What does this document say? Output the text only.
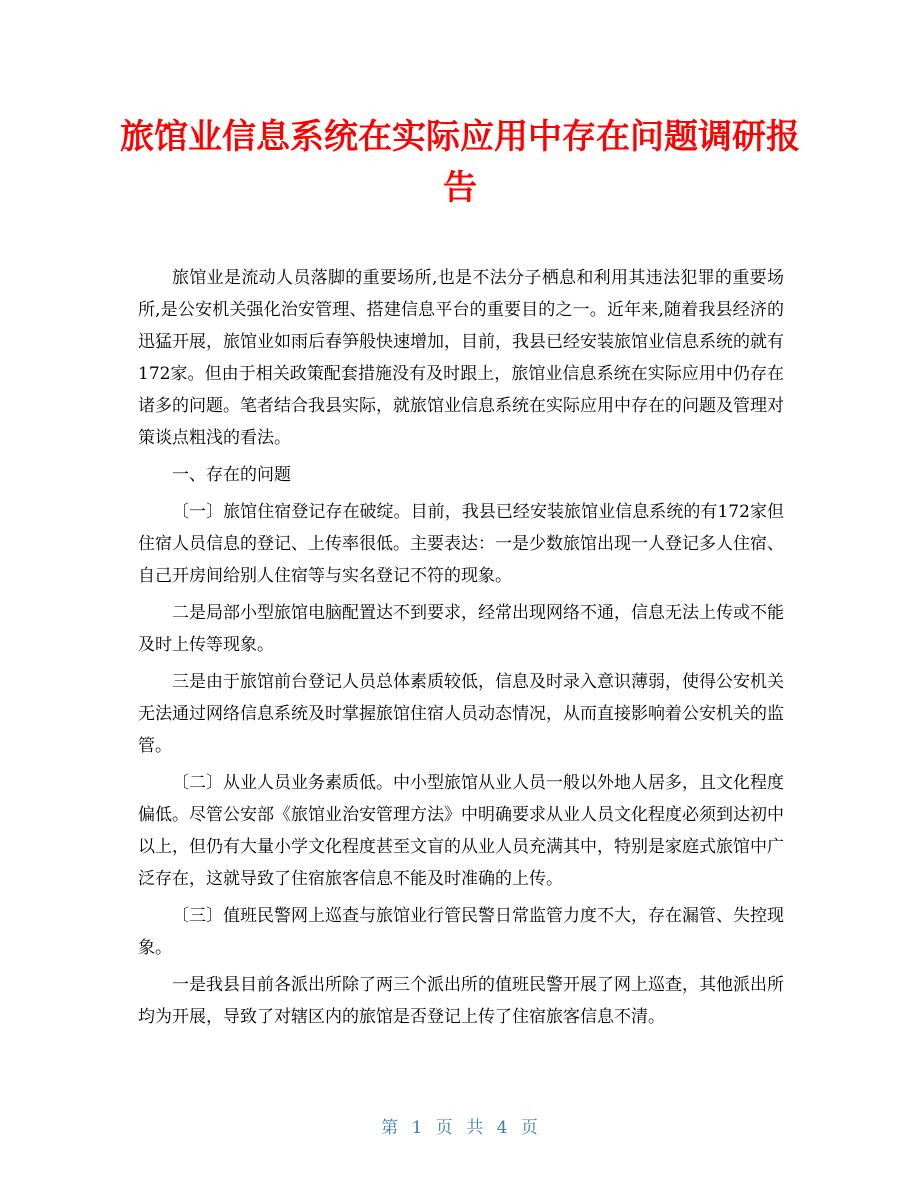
旅馆业信息系统在实际应用中存在问题调研报告

旅馆业是流动人员落脚的重要场所,也是不法分子栖息和利用其违法犯罪的重要场所,是公安机关强化治安管理、搭建信息平台的重要目的之一。近年来,随着我县经济的迅猛开展，旅馆业如雨后春笋般快速增加，目前，我县已经安装旅馆业信息系统的就有172家。但由于相关政策配套措施没有及时跟上，旅馆业信息系统在实际应用中仍存在诸多的问题。笔者结合我县实际，就旅馆业信息系统在实际应用中存在的问题及管理对策谈点粗浅的看法。

一、存在的问题

〔一〕旅馆住宿登记存在破绽。目前，我县已经安装旅馆业信息系统的有172家但住宿人员信息的登记、上传率很低。主要表达：一是少数旅馆出现一人登记多人住宿、自己开房间给别人住宿等与实名登记不符的现象。

二是局部小型旅馆电脑配置达不到要求，经常出现网络不通，信息无法上传或不能及时上传等现象。

三是由于旅馆前台登记人员总体素质较低，信息及时录入意识薄弱，使得公安机关无法通过网络信息系统及时掌握旅馆住宿人员动态情况，从而直接影响着公安机关的监管。

〔二〕从业人员业务素质低。中小型旅馆从业人员一般以外地人居多，且文化程度偏低。尽管公安部《旅馆业治安管理方法》中明确要求从业人员文化程度必须到达初中以上，但仍有大量小学文化程度甚至文盲的从业人员充满其中，特别是家庭式旅馆中广泛存在，这就导致了住宿旅客信息不能及时准确的上传。

〔三〕值班民警网上巡查与旅馆业行管民警日常监管力度不大，存在漏管、失控现象。

一是我县目前各派出所除了两三个派出所的值班民警开展了网上巡查，其他派出所均为开展，导致了对辖区内的旅馆是否登记上传了住宿旅客信息不清。

第 1 页 共 4 页
